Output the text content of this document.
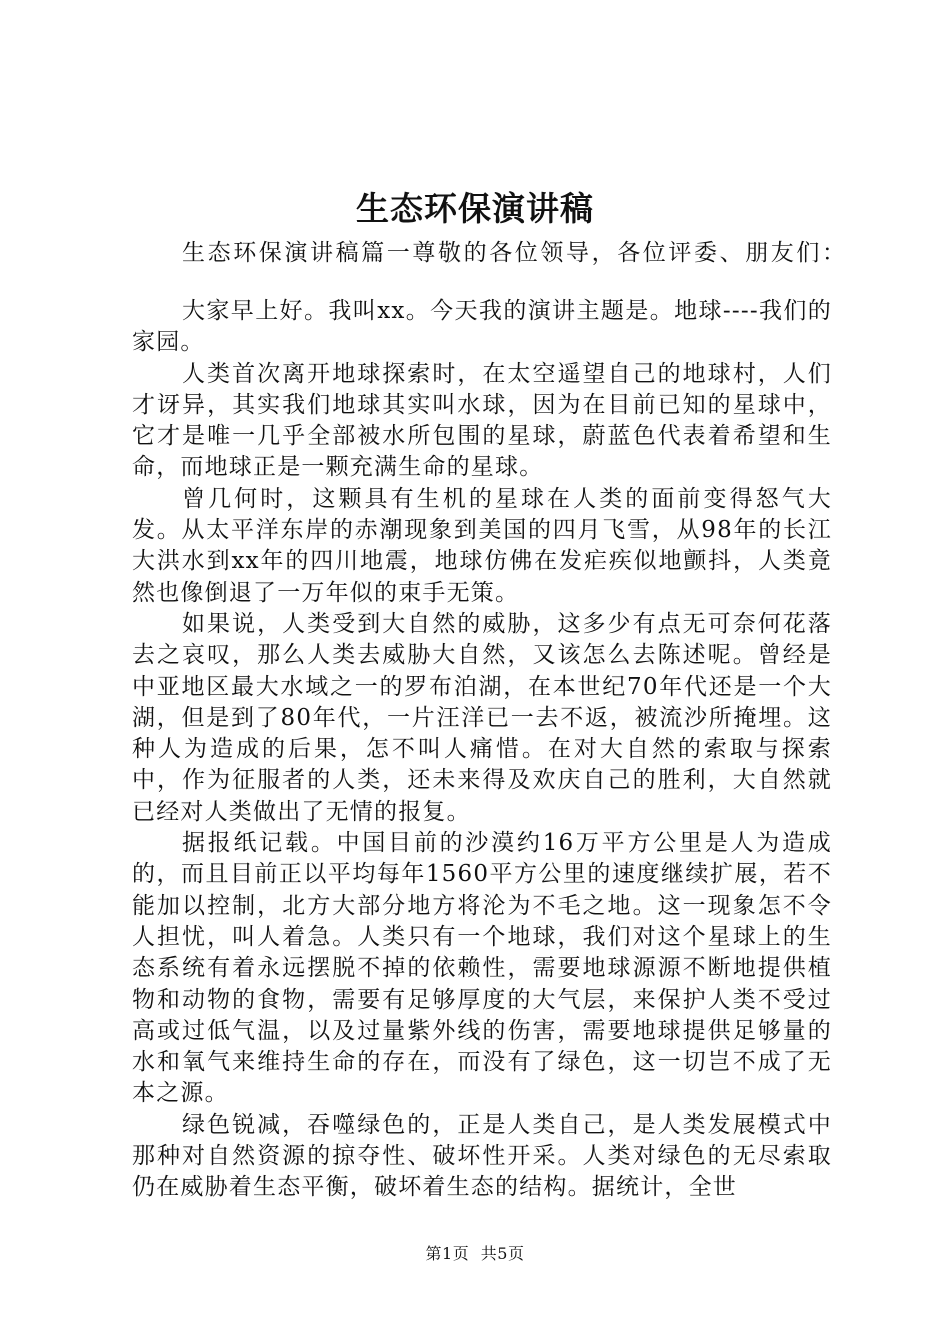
生态环保演讲稿

生态环保演讲稿篇一尊敬的各位领导，各位评委、朋友们：

大家早上好。我叫xx。今天我的演讲主题是。地球----我们的家园。

人类首次离开地球探索时，在太空遥望自己的地球村，人们才讶异，其实我们地球其实叫水球，因为在目前已知的星球中，它才是唯一几乎全部被水所包围的星球，蔚蓝色代表着希望和生命，而地球正是一颗充满生命的星球。

曾几何时，这颗具有生机的星球在人类的面前变得怒气大发。从太平洋东岸的赤潮现象到美国的四月飞雪，从98年的长江大洪水到xx年的四川地震，地球仿佛在发疟疾似地颤抖，人类竟然也像倒退了一万年似的束手无策。

如果说，人类受到大自然的威胁，这多少有点无可奈何花落去之哀叹，那么人类去威胁大自然，又该怎么去陈述呢。曾经是中亚地区最大水域之一的罗布泊湖，在本世纪70年代还是一个大湖，但是到了80年代，一片汪洋已一去不返，被流沙所掩埋。这种人为造成的后果，怎不叫人痛惜。在对大自然的索取与探索中，作为征服者的人类，还未来得及欢庆自己的胜利，大自然就已经对人类做出了无情的报复。

据报纸记载。中国目前的沙漠约16万平方公里是人为造成的，而且目前正以平均每年1560平方公里的速度继续扩展，若不能加以控制，北方大部分地方将沦为不毛之地。这一现象怎不令人担忧，叫人着急。人类只有一个地球，我们对这个星球上的生态系统有着永远摆脱不掉的依赖性，需要地球源源不断地提供植物和动物的食物，需要有足够厚度的大气层，来保护人类不受过高或过低气温，以及过量紫外线的伤害，需要地球提供足够量的水和氧气来维持生命的存在，而没有了绿色，这一切岂不成了无本之源。

绿色锐减，吞噬绿色的，正是人类自己，是人类发展模式中那种对自然资源的掠夺性、破坏性开采。人类对绿色的无尽索取仍在威胁着生态平衡，破坏着生态的结构。据统计，全世

第1页 共5页
